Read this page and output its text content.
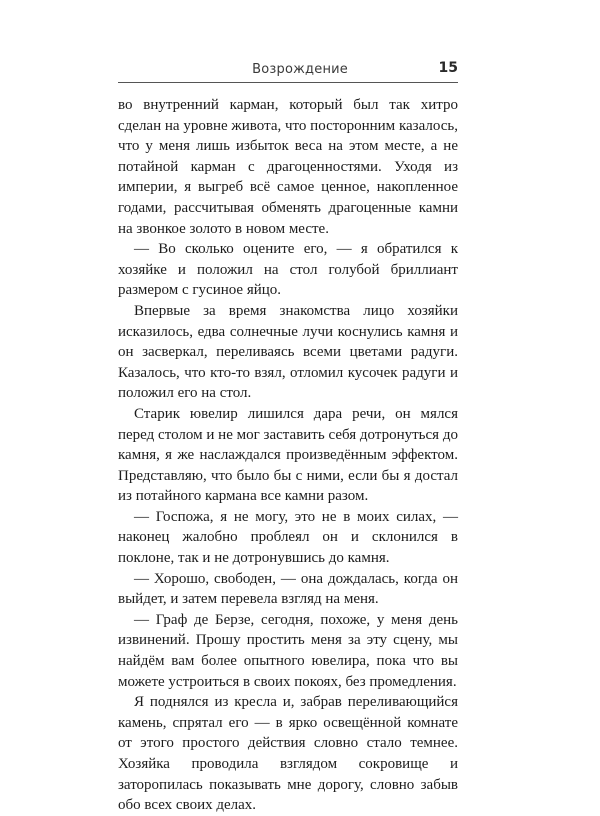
Возрождение	15

во внутренний карман, который был так хитро сделан на уровне живота, что посторонним казалось, что у меня лишь избыток веса на этом месте, а не потайной карман с драгоценностями. Уходя из империи, я выгреб всё самое ценное, накопленное годами, рассчитывая обменять драгоценные камни на звонкое золото в новом месте.

— Во сколько оцените его, — я обратился к хозяйке и положил на стол голубой бриллиант размером с гусиное яйцо.

Впервые за время знакомства лицо хозяйки исказилось, едва солнечные лучи коснулись камня и он засверкал, переливаясь всеми цветами радуги. Казалось, что кто-то взял, отломил кусочек радуги и положил его на стол.

Старик ювелир лишился дара речи, он мялся перед столом и не мог заставить себя дотронуться до камня, я же наслаждался произведённым эффектом. Представляю, что было бы с ними, если бы я достал из потайного кармана все камни разом.

— Госпожа, я не могу, это не в моих силах, — наконец жалобно проблеял он и склонился в поклоне, так и не дотронувшись до камня.

— Хорошо, свободен, — она дождалась, когда он выйдет, и затем перевела взгляд на меня.

— Граф де Берзе, сегодня, похоже, у меня день извинений. Прошу простить меня за эту сцену, мы найдём вам более опытного ювелира, пока что вы можете устроиться в своих покоях, без промедления.

Я поднялся из кресла и, забрав переливающийся камень, спрятал его — в ярко освещённой комнате от этого простого действия словно стало темнее. Хозяйка проводила взглядом сокровище и заторопилась показывать мне дорогу, словно забыв обо всех своих делах.
